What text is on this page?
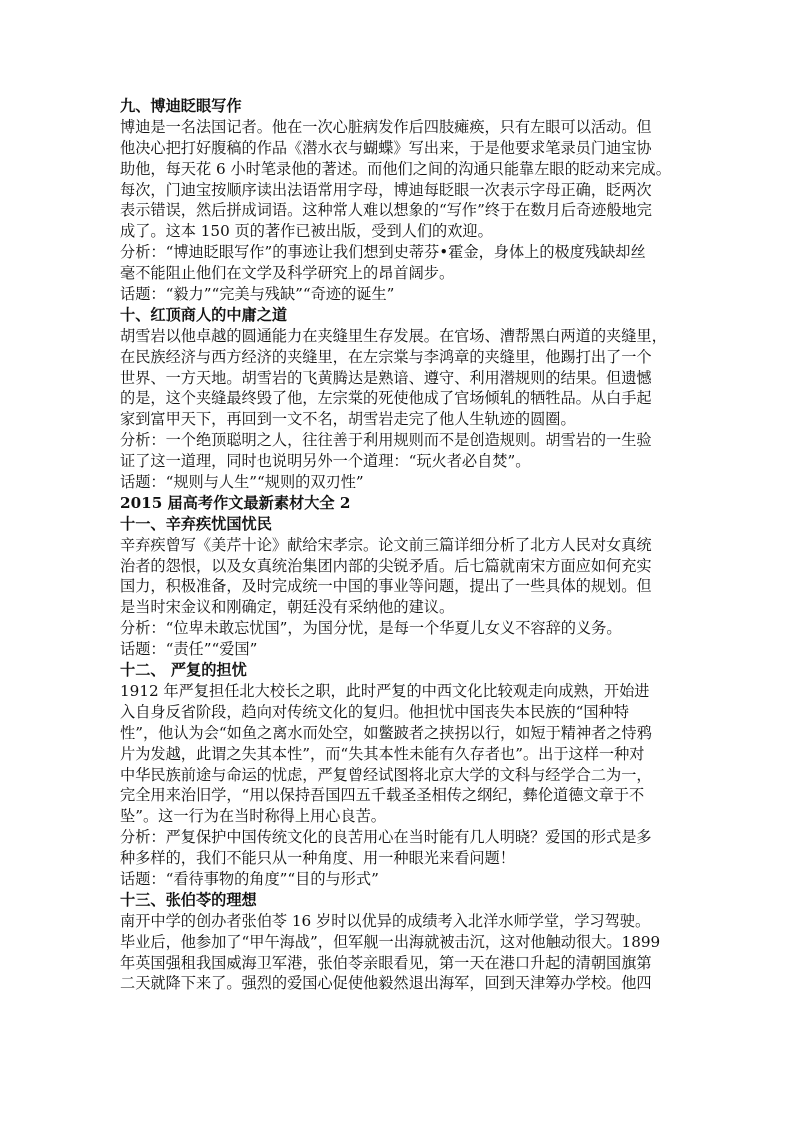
九、博迪眨眼写作
博迪是一名法国记者。他在一次心脏病发作后四肢瘫痪，只有左眼可以活动。但
他决心把打好腹稿的作品《潜水衣与蝴蝶》写出来，于是他要求笔录员门迪宝协
助他，每天花 6 小时笔录他的著述。而他们之间的沟通只能靠左眼的眨动来完成。
每次，门迪宝按顺序读出法语常用字母，博迪每眨眼一次表示字母正确，眨两次
表示错误，然后拼成词语。这种常人难以想象的“写作”终于在数月后奇迹般地完
成了。这本 150 页的著作已被出版，受到人们的欢迎。
分析：“博迪眨眼写作”的事迹让我们想到史蒂芬•霍金，身体上的极度残缺却丝
毫不能阻止他们在文学及科学研究上的昂首阔步。
话题：“毅力”“完美与残缺”“奇迹的诞生”
十、红顶商人的中庸之道
胡雪岩以他卓越的圆通能力在夹缝里生存发展。在官场、漕帮黑白两道的夹缝里，
在民族经济与西方经济的夹缝里，在左宗棠与李鸿章的夹缝里，他踢打出了一个
世界、一方天地。胡雪岩的飞黄腾达是熟谙、遵守、利用潜规则的结果。但遗憾
的是，这个夹缝最终毁了他，左宗棠的死使他成了官场倾轧的牺牲品。从白手起
家到富甲天下，再回到一文不名，胡雪岩走完了他人生轨迹的圆圈。
分析：一个绝顶聪明之人，往往善于利用规则而不是创造规则。胡雪岩的一生验
证了这一道理，同时也说明另外一个道理：“玩火者必自焚”。
话题：“规则与人生”“规则的双刃性”
2015 届高考作文最新素材大全 2
十一、辛弃疾忧国忧民
辛弃疾曾写《美芹十论》献给宋孝宗。论文前三篇详细分析了北方人民对女真统
治者的怨恨，以及女真统治集团内部的尖锐矛盾。后七篇就南宋方面应如何充实
国力，积极准备，及时完成统一中国的事业等问题，提出了一些具体的规划。但
是当时宋金议和刚确定，朝廷没有采纳他的建议。
分析：“位卑未敢忘忧国”，为国分忧，是每一个华夏儿女义不容辞的义务。
话题：“责任”“爱国”
十二、 严复的担忧
1912 年严复担任北大校长之职，此时严复的中西文化比较观走向成熟，开始进
入自身反省阶段，趋向对传统文化的复归。他担忧中国丧失本民族的“国种特
性”，他认为会“如鱼之离水而处空，如鳖跛者之挟拐以行，如短于精神者之恃鸦
片为发越，此谓之失其本性”，而“失其本性未能有久存者也”。出于这样一种对
中华民族前途与命运的忧虑，严复曾经试图将北京大学的文科与经学合二为一，
完全用来治旧学，“用以保持吾国四五千载圣圣相传之纲纪，彝伦道德文章于不
坠”。这一行为在当时称得上用心良苦。
分析：严复保护中国传统文化的良苦用心在当时能有几人明晓？爱国的形式是多
种多样的，我们不能只从一种角度、用一种眼光来看问题！
话题：“看待事物的角度”“目的与形式”
十三、张伯苓的理想
南开中学的创办者张伯苓 16 岁时以优异的成绩考入北洋水师学堂，学习驾驶。
毕业后，他参加了“甲午海战”，但军舰一出海就被击沉，这对他触动很大。1899
年英国强租我国威海卫军港，张伯苓亲眼看见，第一天在港口升起的清朝国旗第
二天就降下来了。强烈的爱国心促使他毅然退出海军，回到天津筹办学校。他四
